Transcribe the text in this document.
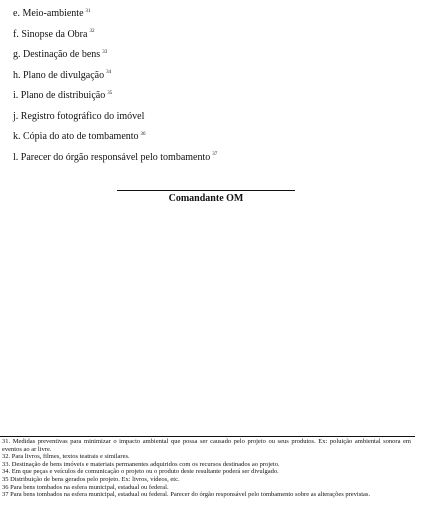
e. Meio-ambiente $^{31}$
f. Sinopse da Obra $^{32}$
g. Destinação de bens $^{33}$
h. Plano de divulgação $^{34}$
i. Plano de distribuição $^{35}$
j. Registro fotográfico do imóvel
k. Cópia do ato de tombamento $^{36}$
l. Parecer do órgão responsável pelo tombamento $^{37}$
Comandante OM
31. Medidas preventivas para minimizar o impacto ambiental que possa ser causado pelo projeto ou seus produtos. Ex: poluição ambiental sonora em eventos ao ar livre.
32. Para livros, filmes, textos teatrais e similares.
33. Destinação de bens imóveis e materiais permanentes adquiridos com os recursos destinados ao projeto.
34. Em que peças e veículos de comunicação o projeto ou o produto deste resultante poderá ser divulgado.
35 Distribuição de bens gerados pelo projeto. Ex: livros, vídeos, etc.
36 Para bens tombados na esfera municipal, estadual ou federal.
37 Para bens tombados na esfera municipal, estadual ou federal. Parecer do órgão responsável pelo tombamento sobre as alterações previstas.
